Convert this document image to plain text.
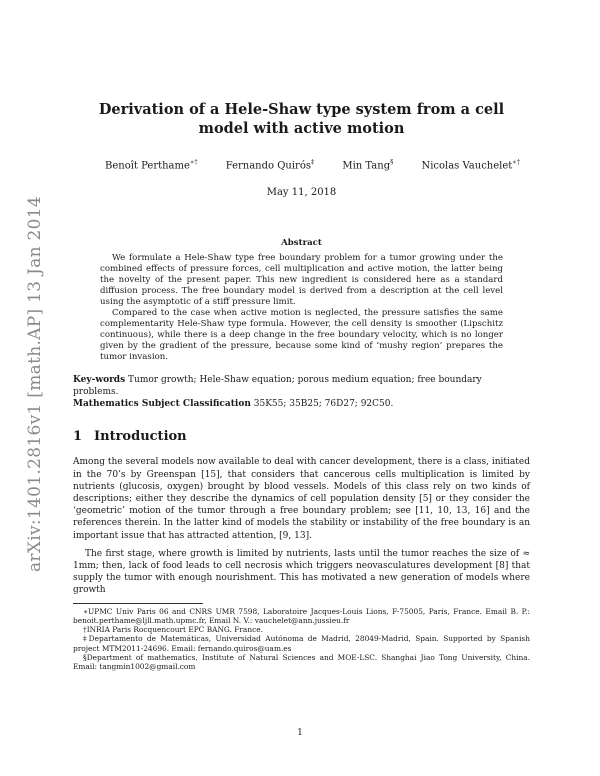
arXiv:1401.2816v1 [math.AP] 13 Jan 2014
Derivation of a Hele-Shaw type system from a cell model with active motion
Benoît Perthame∗†	Fernando Quirós‡	Min Tang§	Nicolas Vauchelet∗†
May 11, 2018
Abstract

We formulate a Hele-Shaw type free boundary problem for a tumor growing under the combined effects of pressure forces, cell multiplication and active motion, the latter being the novelty of the present paper. This new ingredient is considered here as a standard diffusion process. The free boundary model is derived from a description at the cell level using the asymptotic of a stiff pressure limit.

Compared to the case when active motion is neglected, the pressure satisfies the same complementarity Hele-Shaw type formula. However, the cell density is smoother (Lipschitz continuous), while there is a deep change in the free boundary velocity, which is no longer given by the gradient of the pressure, because some kind of ‘mushy region’ prepares the tumor invasion.

Key-words Tumor growth; Hele-Shaw equation; porous medium equation; free boundary problems.
Mathematics Subject Classification 35K55; 35B25; 76D27; 92C50.
1 Introduction

Among the several models now available to deal with cancer development, there is a class, initiated in the 70’s by Greenspan [15], that considers that cancerous cells multiplication is limited by nutrients (glucosis, oxygen) brought by blood vessels. Models of this class rely on two kinds of descriptions; either they describe the dynamics of cell population density [5] or they consider the ‘geometric’ motion of the tumor through a free boundary problem; see [11, 10, 13, 16] and the references therein. In the latter kind of models the stability or instability of the free boundary is an important issue that has attracted attention, [9, 13].

The first stage, where growth is limited by nutrients, lasts until the tumor reaches the size of ≈ 1mm; then, lack of food leads to cell necrosis which triggers neovasculatures development [8] that supply the tumor with enough nourishment. This has motivated a new generation of models where growth

∗UPMC Univ Paris 06 and CNRS UMR 7598, Laboratoire Jacques-Louis Lions, F-75005, Paris, France. Email B. P.: benoit.perthame@ljll.math.upmc.fr, Email N. V.: vauchelet@ann.jussieu.fr

†INRIA Paris Rocquencourt EPC BANG. France.

‡Departamento de Matemáticas, Universidad Autónoma de Madrid, 28049-Madrid, Spain. Supported by Spanish project MTM2011-24696. Email: fernando.quiros@uam.es

§Department of mathematics, Institute of Natural Sciences and MOE-LSC. Shanghai Jiao Tong University, China. Email: tangmin1002@gmail.com

1
